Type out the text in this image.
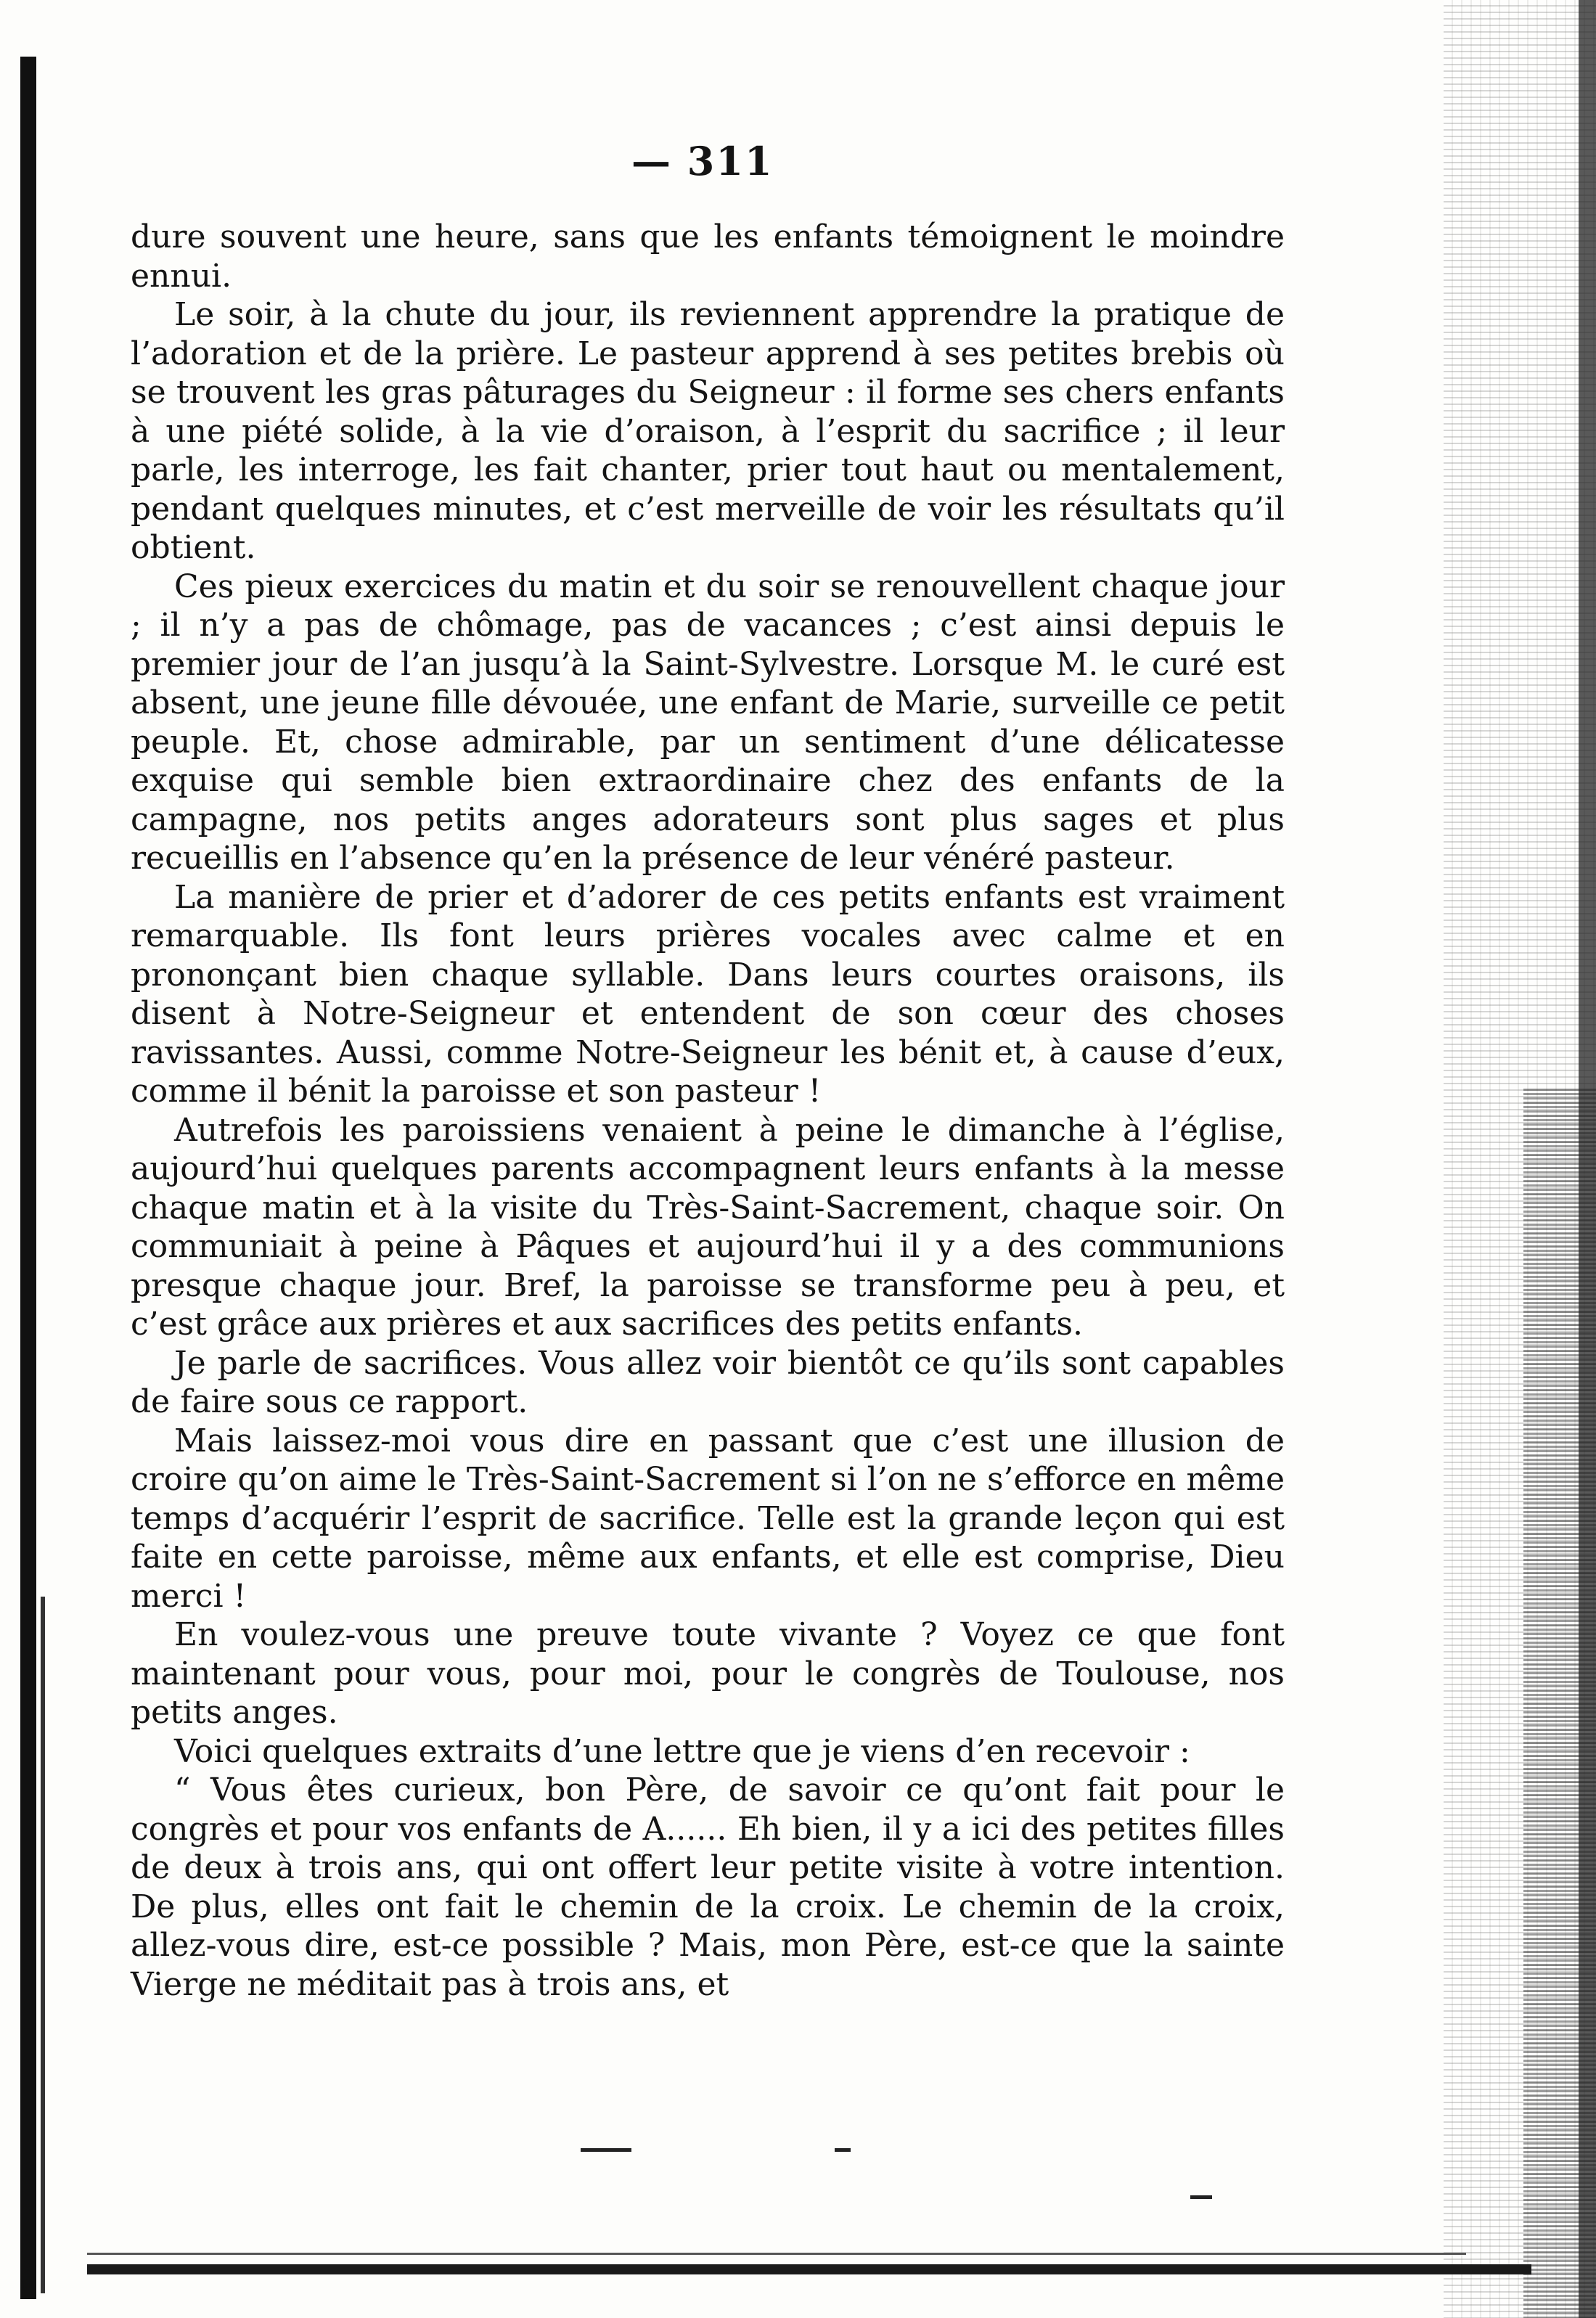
— 311

dure souvent une heure, sans que les enfants témoignent le moindre ennui.

Le soir, à la chute du jour, ils reviennent apprendre la pratique de l’adoration et de la prière. Le pasteur apprend à ses petites brebis où se trouvent les gras pâturages du Seigneur : il forme ses chers enfants à une piété solide, à la vie d’oraison, à l’esprit du sacrifice ; il leur parle, les interroge, les fait chanter, prier tout haut ou mentalement, pendant quelques minutes, et c’est merveille de voir les résultats qu’il obtient.

Ces pieux exercices du matin et du soir se renouvellent chaque jour ; il n’y a pas de chômage, pas de vacances ; c’est ainsi depuis le premier jour de l’an jusqu’à la Saint-Sylvestre. Lorsque M. le curé est absent, une jeune fille dévouée, une enfant de Marie, surveille ce petit peuple. Et, chose admirable, par un sentiment d’une délicatesse exquise qui semble bien extraordinaire chez des enfants de la campagne, nos petits anges adorateurs sont plus sages et plus recueillis en l’absence qu’en la présence de leur vénéré pasteur.

La manière de prier et d’adorer de ces petits enfants est vraiment remarquable. Ils font leurs prières vocales avec calme et en prononçant bien chaque syllable. Dans leurs courtes oraisons, ils disent à Notre-Seigneur et entendent de son cœur des choses ravissantes. Aussi, comme Notre-Seigneur les bénit et, à cause d’eux, comme il bénit la paroisse et son pasteur !

Autrefois les paroissiens venaient à peine le dimanche à l’église, aujourd’hui quelques parents accompagnent leurs enfants à la messe chaque matin et à la visite du Très-Saint-Sacrement, chaque soir. On communiait à peine à Pâques et aujourd’hui il y a des communions presque chaque jour. Bref, la paroisse se transforme peu à peu, et c’est grâce aux prières et aux sacrifices des petits enfants.

Je parle de sacrifices. Vous allez voir bientôt ce qu’ils sont capables de faire sous ce rapport.

Mais laissez-moi vous dire en passant que c’est une illusion de croire qu’on aime le Très-Saint-Sacrement si l’on ne s’efforce en même temps d’acquérir l’esprit de sacrifice. Telle est la grande leçon qui est faite en cette paroisse, même aux enfants, et elle est comprise, Dieu merci !

En voulez-vous une preuve toute vivante ? Voyez ce que font maintenant pour vous, pour moi, pour le congrès de Toulouse, nos petits anges.

Voici quelques extraits d’une lettre que je viens d’en recevoir :

“ Vous êtes curieux, bon Père, de savoir ce qu’ont fait pour le congrès et pour vos enfants de A...... Eh bien, il y a ici des petites filles de deux à trois ans, qui ont offert leur petite visite à votre intention. De plus, elles ont fait le chemin de la croix. Le chemin de la croix, allez-vous dire, est-ce possible ? Mais, mon Père, est-ce que la sainte Vierge ne méditait pas à trois ans, et
